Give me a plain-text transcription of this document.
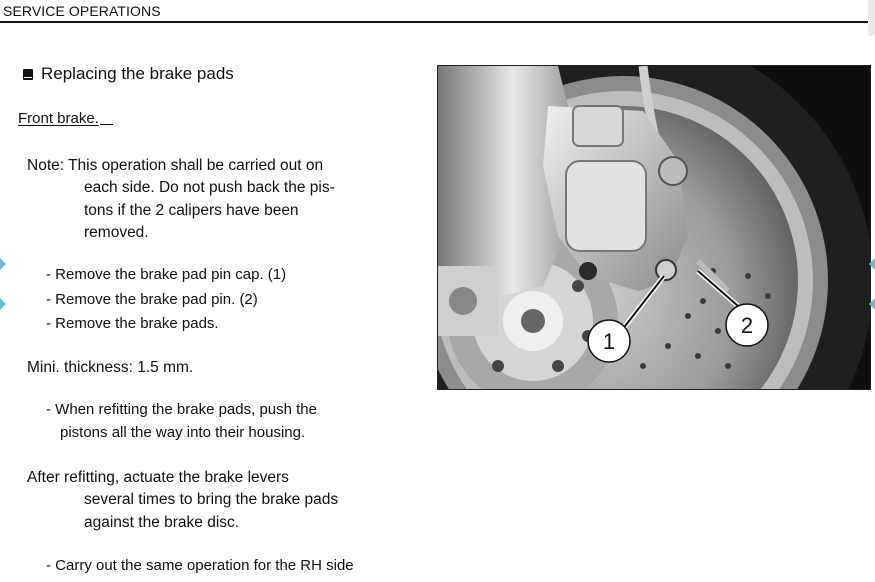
SERVICE OPERATIONS
Replacing the brake pads
Front brake.
Note: This operation shall be carried out on
each side. Do not push back the pis-
tons if the 2 calipers have been
removed.
- Remove the brake pad pin cap. (1)
- Remove the brake pad pin. (2)
- Remove the brake pads.
Mini. thickness: 1.5 mm.
- When refitting the brake pads, push the
pistons all the way into their housing.
After refitting, actuate the brake levers
several times to bring the brake pads
against the brake disc.
- Carry out the same operation for the RH side
1
2
